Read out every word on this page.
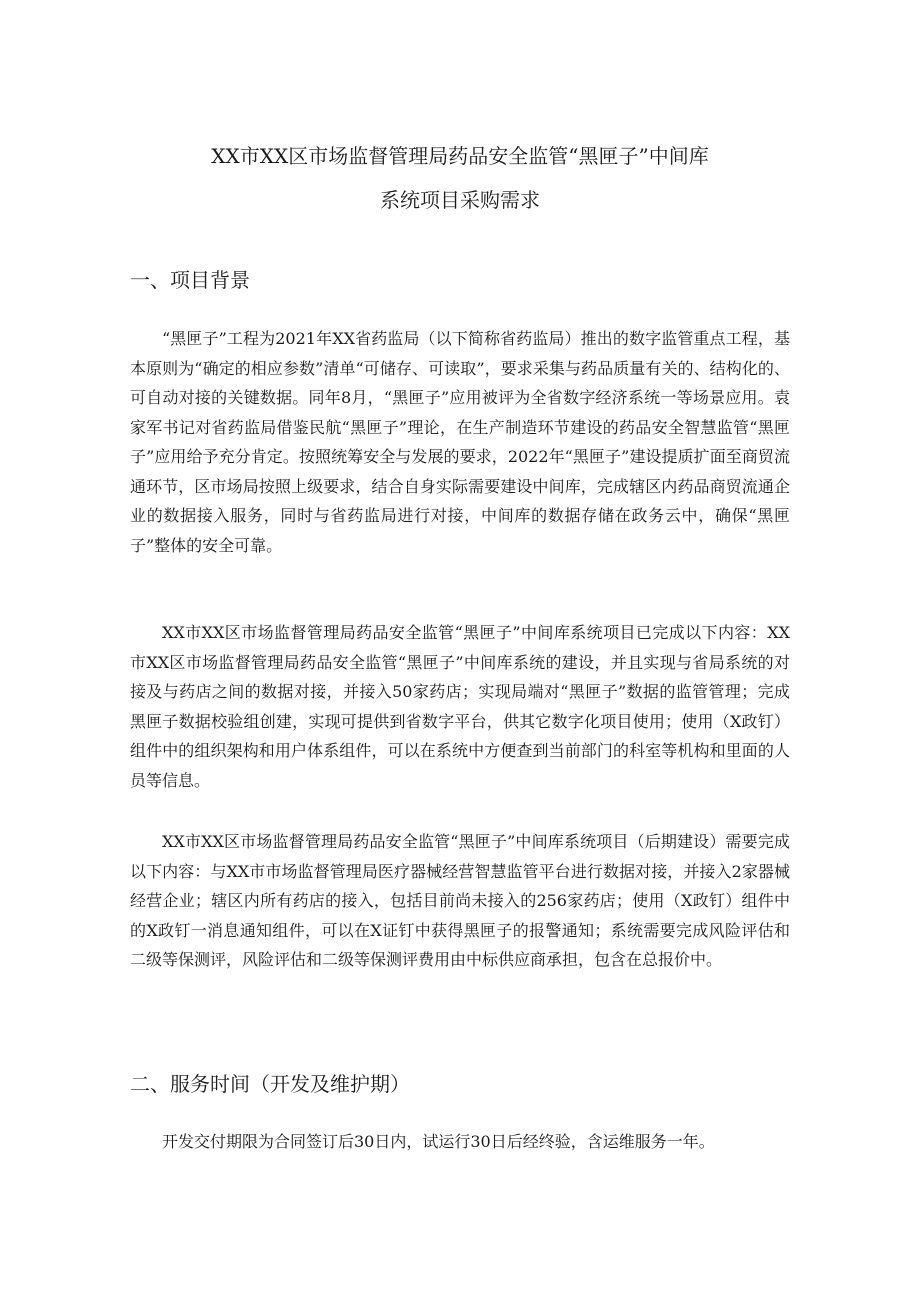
XX市XX区市场监督管理局药品安全监管“黑匣子”中间库
系统项目采购需求
一、项目背景

“黑匣子”工程为2021年XX省药监局（以下简称省药监局）推出的数字监管重点工程，基本原则为“确定的相应参数”清单“可储存、可读取”，要求采集与药品质量有关的、结构化的、可自动对接的关键数据。同年8月，“黑匣子”应用被评为全省数字经济系统一等场景应用。袁家军书记对省药监局借鉴民航“黑匣子”理论，在生产制造环节建设的药品安全智慧监管“黑匣子”应用给予充分肯定。按照统筹安全与发展的要求，2022年“黑匣子”建设提质扩面至商贸流通环节，区市场局按照上级要求，结合自身实际需要建设中间库，完成辖区内药品商贸流通企业的数据接入服务，同时与省药监局进行对接，中间库的数据存储在政务云中，确保“黑匣子”整体的安全可靠。

XX市XX区市场监督管理局药品安全监管“黑匣子”中间库系统项目已完成以下内容：XX市XX区市场监督管理局药品安全监管“黑匣子”中间库系统的建设，并且实现与省局系统的对接及与药店之间的数据对接，并接入50家药店；实现局端对“黑匣子”数据的监管管理；完成黑匣子数据校验组创建，实现可提供到省数字平台，供其它数字化项目使用；使用（X政钉）组件中的组织架构和用户体系组件，可以在系统中方便查到当前部门的科室等机构和里面的人员等信息。

XX市XX区市场监督管理局药品安全监管“黑匣子”中间库系统项目（后期建设）需要完成以下内容：与XX市市场监督管理局医疗器械经营智慧监管平台进行数据对接，并接入2家器械经营企业；辖区内所有药店的接入，包括目前尚未接入的256家药店；使用（X政钉）组件中的X政钉一消息通知组件，可以在X证钉中获得黑匣子的报警通知；系统需要完成风险评估和二级等保测评，风险评估和二级等保测评费用由中标供应商承担，包含在总报价中。

二、服务时间（开发及维护期）

开发交付期限为合同签订后30日内，试运行30日后经终验，含运维服务一年。
